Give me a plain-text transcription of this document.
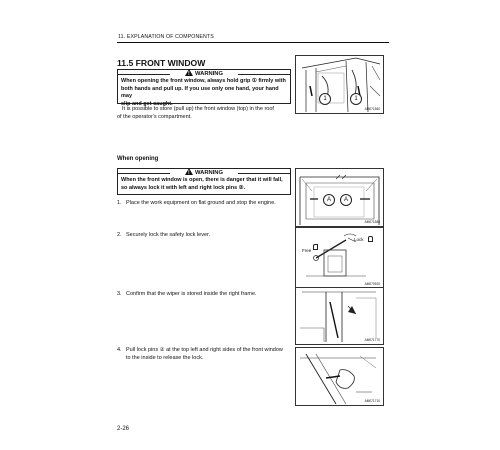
11. EXPLANATION OF COMPONENTS
11.5 FRONT WINDOW
!WARNING
When opening the front window, always hold grip ① firmly with
both hands and pull up. If you use only one hand, your hand may
slip and get caught.
It is possible to store (pull up) the front window (top) in the roof
of the operator's compartment.
1	1
AM071560
When opening
!WARNING
When the front window is open, there is danger that it will fall,
so always lock it with left and right lock pins ②.
1. Place the work equipment on flat ground and stop the engine.	A	A
AM071580
2. Securely lock the safety lock lever.
Lock
Free
AM070920
3. Confirm that the wiper is stored inside the right frame.
AM071770
4. Pull lock pins ② at the top left and right sides of the front window
to the inside to release the lock.
AM071710
2-26
